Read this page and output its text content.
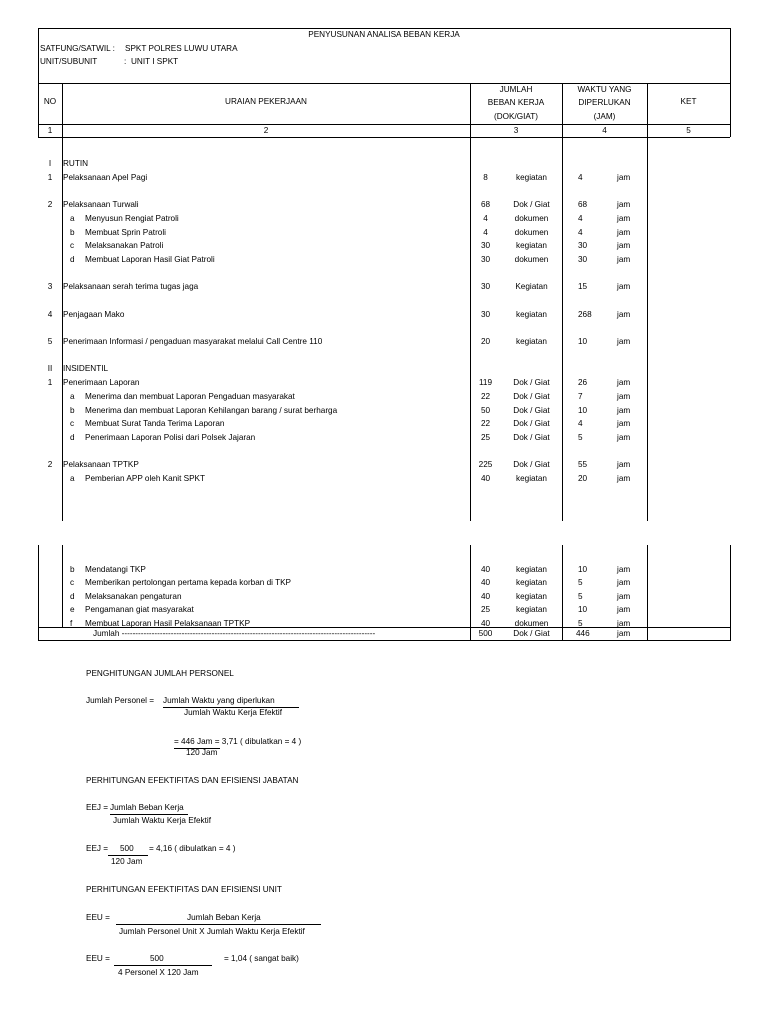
PENYUSUNAN ANALISA BEBAN KERJA
SATFUNG/SATWIL : SPKT POLRES LUWU UTARA
UNIT/SUBUNIT	: UNIT I SPKT
NO	URAIAN PEKERJAAN
JUMLAH
BEBAN KERJA
(DOK/GIAT)
WAKTU YANG
DIPERLUKAN
(JAM)
KET
1	2	3	4	5
I	RUTIN
1	Pelaksanaan Apel Pagi	8	kegiatan	4	jam
2	Pelaksanaan Turwali	68	Dok / Giat	68	jam
a Menyusun Rengiat Patroli	4	dokumen	4	jam
b Membuat Sprin Patroli	4	dokumen	4	jam
c Melaksanakan Patroli	30	kegiatan	30	jam
d Membuat Laporan Hasil Giat Patroli	30	dokumen	30	jam
3	Pelaksanaan serah terima tugas jaga	30	Kegiatan	15	jam
4	Penjagaan Mako	30	kegiatan	268	jam
5	Penerimaan Informasi / pengaduan masyarakat melalui Call Centre 110	20	kegiatan	10	jam
II	INSIDENTIL
1	Penerimaan Laporan	119	Dok / Giat	26	jam
a Menerima dan membuat Laporan Pengaduan masyarakat	22	Dok / Giat	7	jam
b Menerima dan membuat Laporan Kehilangan barang / surat berharga	50	Dok / Giat	10	jam
c Membuat Surat Tanda Terima Laporan	22	Dok / Giat	4	jam
d Penerimaan Laporan Polisi dari Polsek Jajaran	25	Dok / Giat	5	jam
2	Pelaksanaan TPTKP	225	Dok / Giat	55	jam
a Pemberian APP oleh Kanit SPKT	40	kegiatan	20	jam
b Mendatangi TKP	40	kegiatan	10	jam
c Memberikan pertolongan pertama kepada korban di TKP	40	kegiatan	5	jam
d Melaksanakan pengaturan	40	kegiatan	5	jam
e Pengamanan giat masyarakat	25	kegiatan	10	jam
f Membuat Laporan Hasil Pelaksanaan TPTKP	40	dokumen	5	jam
Jumlah ---------------------------------------------------------------------------------------------	500	Dok / Giat	446	jam
PENGHITUNGAN JUMLAH PERSONEL
Jumlah Personel = Jumlah Waktu yang diperlukan
Jumlah Waktu Kerja Efektif
= 446 Jam = 3,71 ( dibulatkan = 4 )
120 Jam
PERHITUNGAN EFEKTIFITAS DAN EFISIENSI JABATAN
EEJ = Jumlah Beban Kerja
Jumlah Waktu Kerja Efektif
EEJ = 500
120 Jam
= 4,16 ( dibulatkan = 4 )
PERHITUNGAN EFEKTIFITAS DAN EFISIENSI UNIT
EEU =	Jumlah Beban Kerja
Jumlah Personel Unit X Jumlah Waktu Kerja Efektif
EEU =	500
4 Personel X 120 Jam
= 1,04 ( sangat baik)
